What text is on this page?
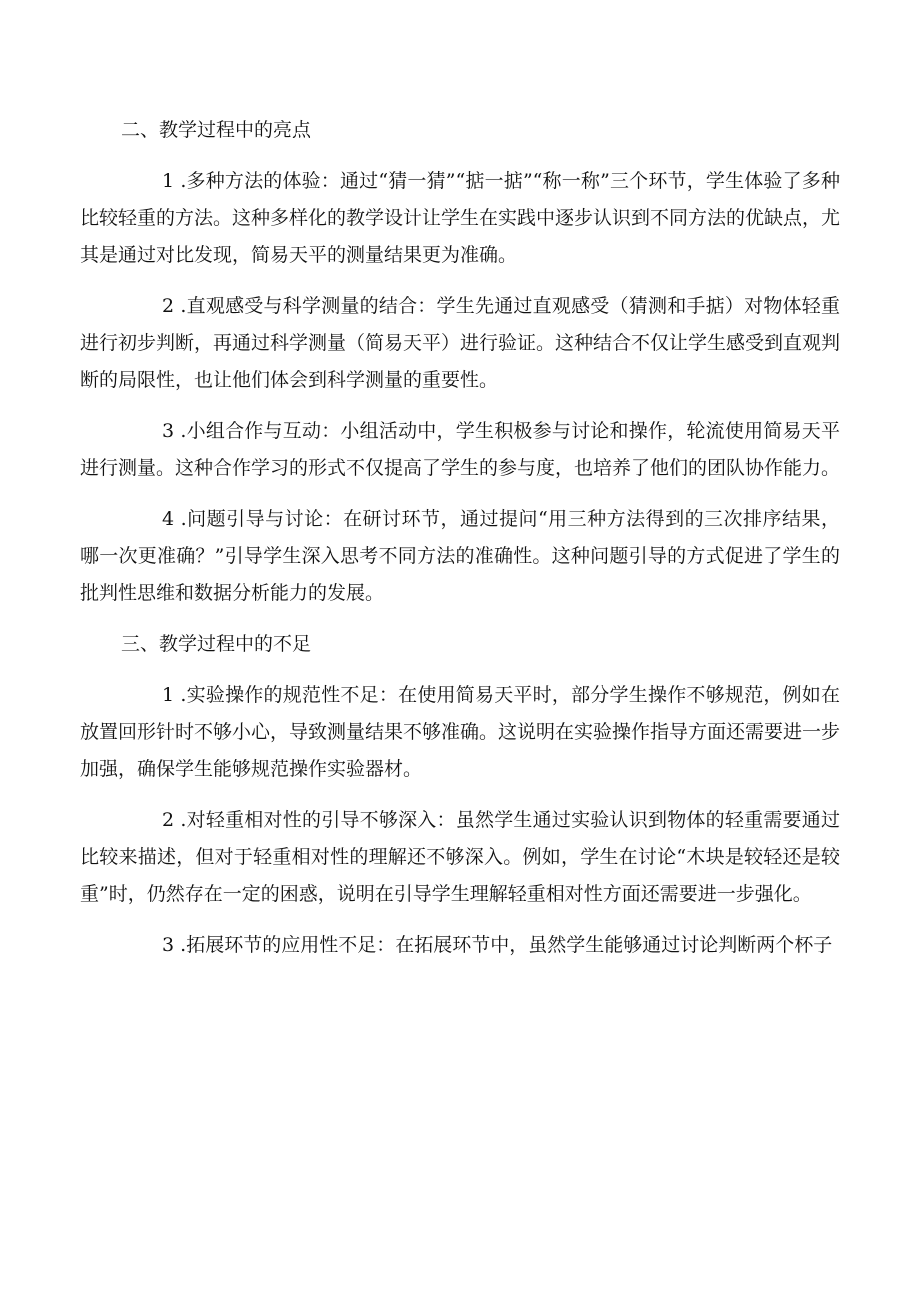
二、教学过程中的亮点

1 .多种方法的体验：通过“猜一猜”“掂一掂”“称一称”三个环节，学生体验了多种比较轻重的方法。这种多样化的教学设计让学生在实践中逐步认识到不同方法的优缺点，尤其是通过对比发现，简易天平的测量结果更为准确。

2 .直观感受与科学测量的结合：学生先通过直观感受（猜测和手掂）对物体轻重进行初步判断，再通过科学测量（简易天平）进行验证。这种结合不仅让学生感受到直观判断的局限性，也让他们体会到科学测量的重要性。

3 .小组合作与互动：小组活动中，学生积极参与讨论和操作，轮流使用简易天平进行测量。这种合作学习的形式不仅提高了学生的参与度，也培养了他们的团队协作能力。

4 .问题引导与讨论：在研讨环节，通过提问“用三种方法得到的三次排序结果，哪一次更准确？”引导学生深入思考不同方法的准确性。这种问题引导的方式促进了学生的批判性思维和数据分析能力的发展。

三、教学过程中的不足

1 .实验操作的规范性不足：在使用简易天平时，部分学生操作不够规范，例如在放置回形针时不够小心，导致测量结果不够准确。这说明在实验操作指导方面还需要进一步加强，确保学生能够规范操作实验器材。

2 .对轻重相对性的引导不够深入：虽然学生通过实验认识到物体的轻重需要通过比较来描述，但对于轻重相对性的理解还不够深入。例如，学生在讨论“木块是较轻还是较重”时，仍然存在一定的困惑，说明在引导学生理解轻重相对性方面还需要进一步强化。

3 .拓展环节的应用性不足：在拓展环节中，虽然学生能够通过讨论判断两个杯子
